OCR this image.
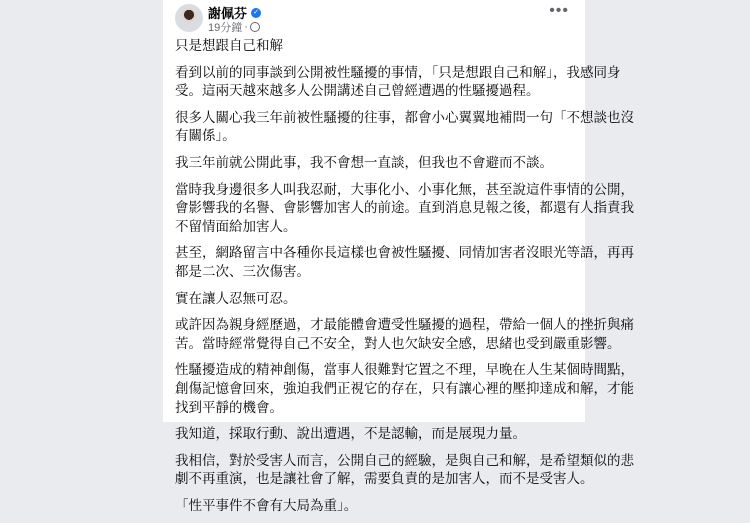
謝佩芬 ✓
19分鐘 ·
•••

只是想跟自己和解

看到以前的同事談到公開被性騷擾的事情，「只是想跟自己和解」，我感同身
受。這兩天越來越多人公開講述自己曾經遭遇的性騷擾過程。

很多人關心我三年前被性騷擾的往事，都會小心翼翼地補問一句「不想談也沒
有關係」。

我三年前就公開此事，我不會想一直談，但我也不會避而不談。

當時我身邊很多人叫我忍耐，大事化小、小事化無，甚至說這件事情的公開，
會影響我的名譽、會影響加害人的前途。直到消息見報之後，都還有人指責我
不留情面給加害人。

甚至，網路留言中各種你長這樣也會被性騷擾、同情加害者沒眼光等語，再再
都是二次、三次傷害。

實在讓人忍無可忍。

或許因為親身經歷過，才最能體會遭受性騷擾的過程，帶給一個人的挫折與痛
苦。當時經常覺得自己不安全，對人也欠缺安全感，思緒也受到嚴重影響。

性騷擾造成的精神創傷，當事人很難對它置之不理，早晚在人生某個時間點，
創傷記憶會回來，強迫我們正視它的存在，只有讓心裡的壓抑達成和解，才能
找到平靜的機會。

我知道，採取行動、說出遭遇，不是認輸，而是展現力量。

我相信，對於受害人而言，公開自己的經驗，是與自己和解，是希望類似的悲
劇不再重演，也是讓社會了解，需要負責的是加害人，而不是受害人。

「性平事件不會有大局為重」。
